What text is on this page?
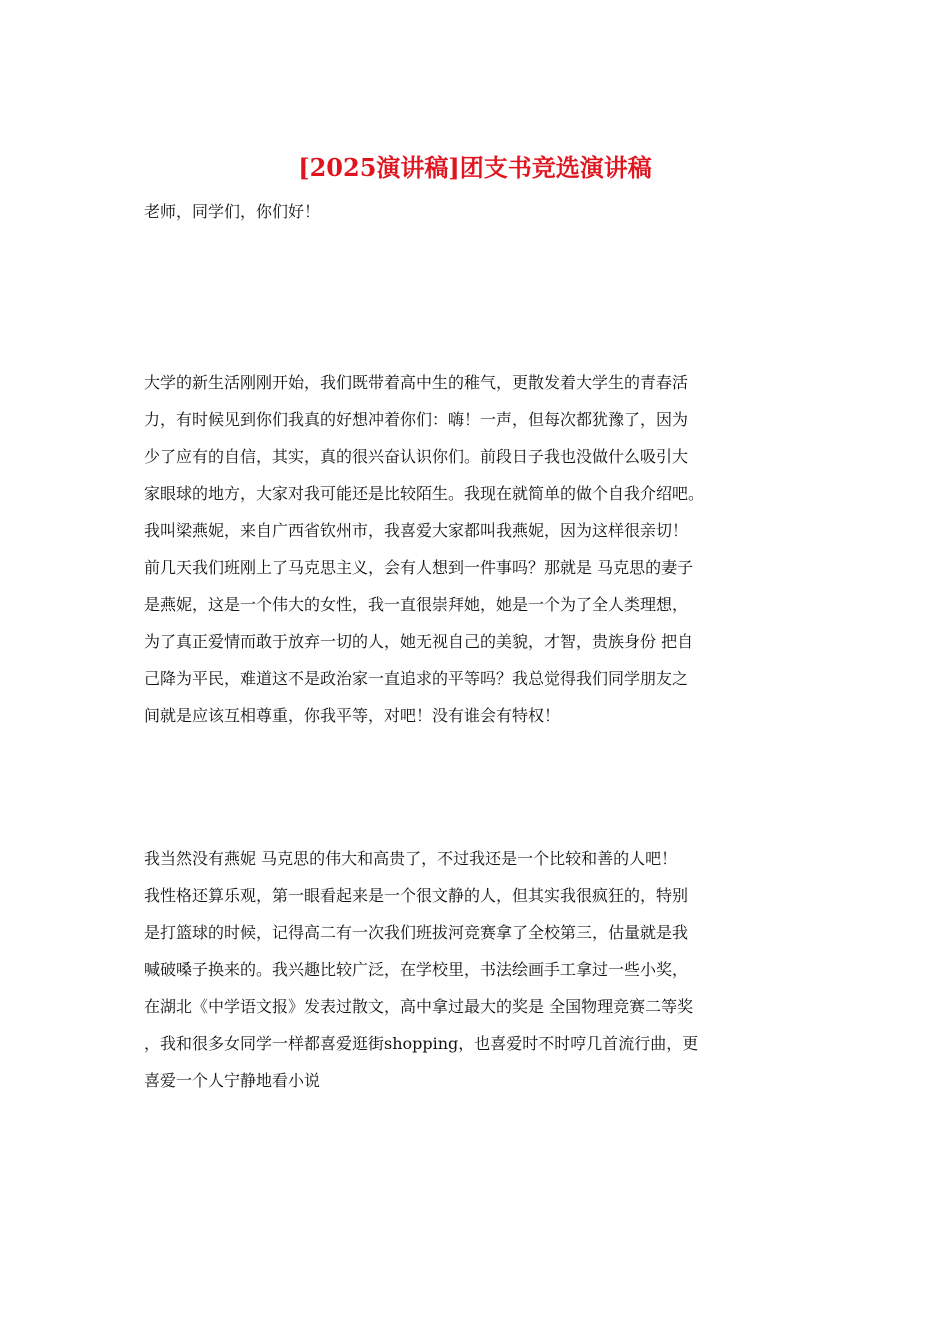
[2025演讲稿]团支书竞选演讲稿

老师，同学们，你们好！

大学的新生活刚刚开始，我们既带着高中生的稚气，更散发着大学生的青春活
力，有时候见到你们我真的好想冲着你们：嗨！一声，但每次都犹豫了，因为
少了应有的自信，其实，真的很兴奋认识你们。前段日子我也没做什么吸引大
家眼球的地方，大家对我可能还是比较陌生。我现在就简单的做个自我介绍吧。
我叫梁燕妮，来自广西省钦州市，我喜爱大家都叫我燕妮，因为这样很亲切！
前几天我们班刚上了马克思主义，会有人想到一件事吗？那就是 马克思的妻子
是燕妮，这是一个伟大的女性，我一直很崇拜她，她是一个为了全人类理想，
为了真正爱情而敢于放弃一切的人，她无视自己的美貌，才智，贵族身份 把自
己降为平民，难道这不是政治家一直追求的平等吗？我总觉得我们同学朋友之
间就是应该互相尊重，你我平等，对吧！没有谁会有特权！
我当然没有燕妮 马克思的伟大和高贵了，不过我还是一个比较和善的人吧！
我性格还算乐观，第一眼看起来是一个很文静的人，但其实我很疯狂的，特别
是打篮球的时候，记得高二有一次我们班拔河竞赛拿了全校第三，估量就是我
喊破嗓子换来的。我兴趣比较广泛，在学校里，书法绘画手工拿过一些小奖，
在湖北《中学语文报》发表过散文，高中拿过最大的奖是 全国物理竞赛二等奖
，我和很多女同学一样都喜爱逛街shopping，也喜爱时不时哼几首流行曲，更
喜爱一个人宁静地看小说
